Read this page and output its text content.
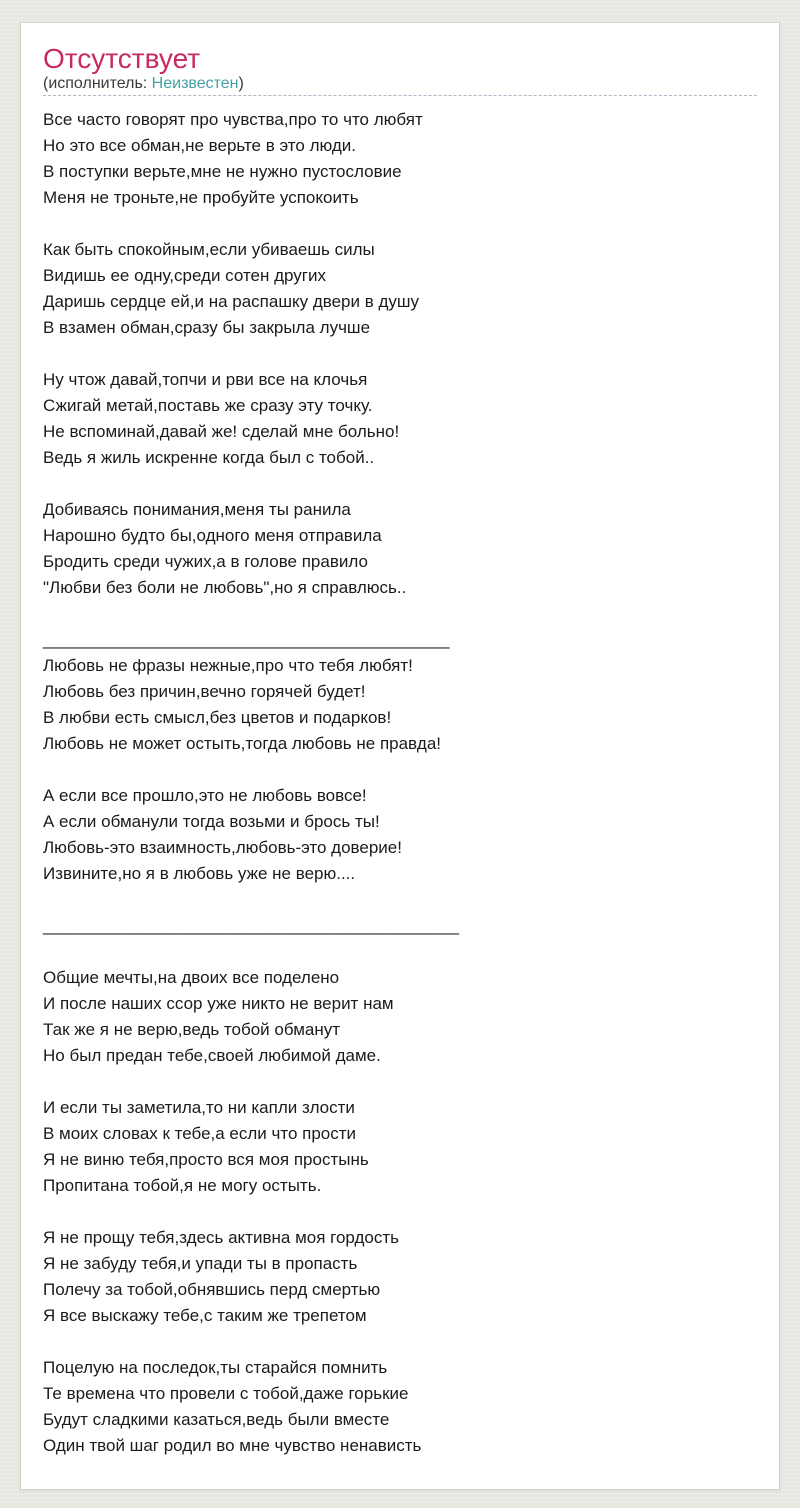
Отсутствует
(исполнитель: Неизвестен)
Все часто говорят про чувства,про то что любят
Но это все обман,не верьте в это люди.
В поступки верьте,мне не нужно пустословие
Меня не троньте,не пробуйте успокоить

Как быть спокойным,если убиваешь силы
Видишь ее одну,среди сотен других
Даришь сердце ей,и на распашку двери в душу
В взамен обман,сразу бы закрыла лучше

Ну чтож давай,топчи и рви все на клочья
Сжигай метай,поставь же сразу эту точку.
Не вспоминай,давай же! сделай мне больно!
Ведь я жиль искренне когда был с тобой..

Добиваясь понимания,меня ты ранила
Нарошно будто бы,одного меня отправила
Бродить среди чужих,а в голове правило
"Любви без боли не любовь",но я справлюсь..

___________________________________________
Любовь не фразы нежные,про что тебя любят!
Любовь без причин,вечно горячей будет!
В любви есть смысл,без цветов и подарков!
Любовь не может остыть,тогда любовь не правда!

А если все прошло,это не любовь вовсе!
А если обманули тогда возьми и брось ты!
Любовь-это взаимность,любовь-это доверие!
Извините,но я в любовь уже не верю....

____________________________________________

Общие мечты,на двоих все поделено
И после наших ссор уже никто не верит нам
Так же я не верю,ведь тобой обманут
Но был предан тебе,своей любимой даме.

И если ты заметила,то ни капли злости
В моих словах к тебе,а если что прости
Я не виню тебя,просто вся моя простынь
Пропитана тобой,я не могу остыть.

Я не прощу тебя,здесь активна моя гордость
Я не забуду тебя,и упади ты в пропасть
Полечу за тобой,обнявшись перд смертью
Я все выскажу тебе,с таким же трепетом

Поцелую на последок,ты старайся помнить
Те времена что провели с тобой,даже горькие
Будут сладкими казаться,ведь были вместе
Один твой шаг родил во мне чувство ненависть
